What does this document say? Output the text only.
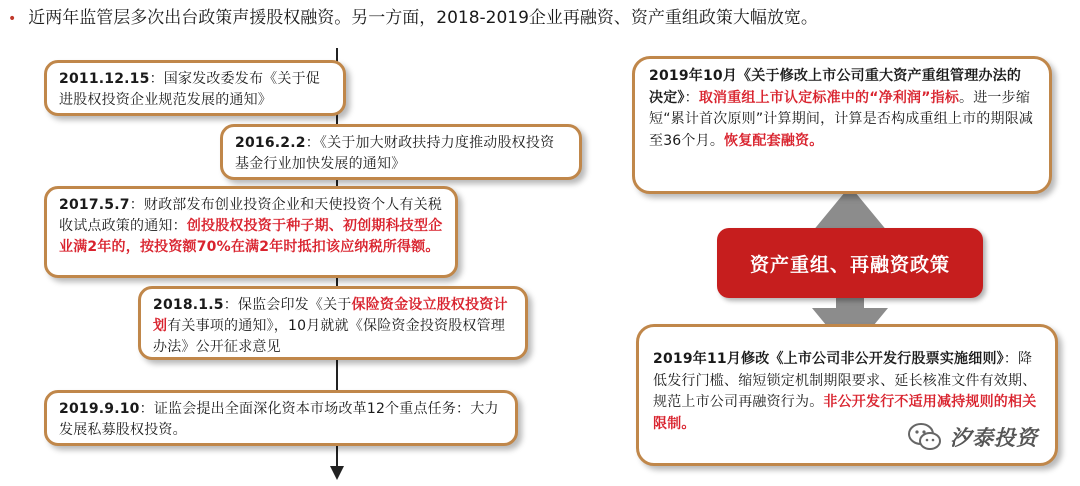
• 近两年监管层多次出台政策声援股权融资。另一方面，2018-2019企业再融资、资产重组政策大幅放宽。
2011.12.15：国家发改委发布《关于促进股权投资企业规范发展的通知》
2016.2.2：《关于加大财政扶持力度推动股权投资基金行业加快发展的通知》
2017.5.7：财政部发布创业投资企业和天使投资个人有关税收试点政策的通知：创投股权投资于种子期、初创期科技型企业满2年的，按投资额70%在满2年时抵扣该应纳税所得额。
2018.1.5：保监会印发《关于保险资金设立股权投资计划有关事项的通知》，10月就就《保险资金投资股权管理办法》公开征求意见
2019.9.10：证监会提出全面深化资本市场改革12个重点任务：大力发展私募股权投资。
2019年10月《关于修改上市公司重大资产重组管理办法的决定》：取消重组上市认定标准中的“净利润”指标。进一步缩短“累计首次原则”计算期间，计算是否构成重组上市的期限减至36个月。恢复配套融资。
资产重组、再融资政策
2019年11月修改《上市公司非公开发行股票实施细则》：降低发行门槛、缩短锁定机制期限要求、延长核准文件有效期、规范上市公司再融资行为。非公开发行不适用减持规则的相关限制。
汐泰投资
